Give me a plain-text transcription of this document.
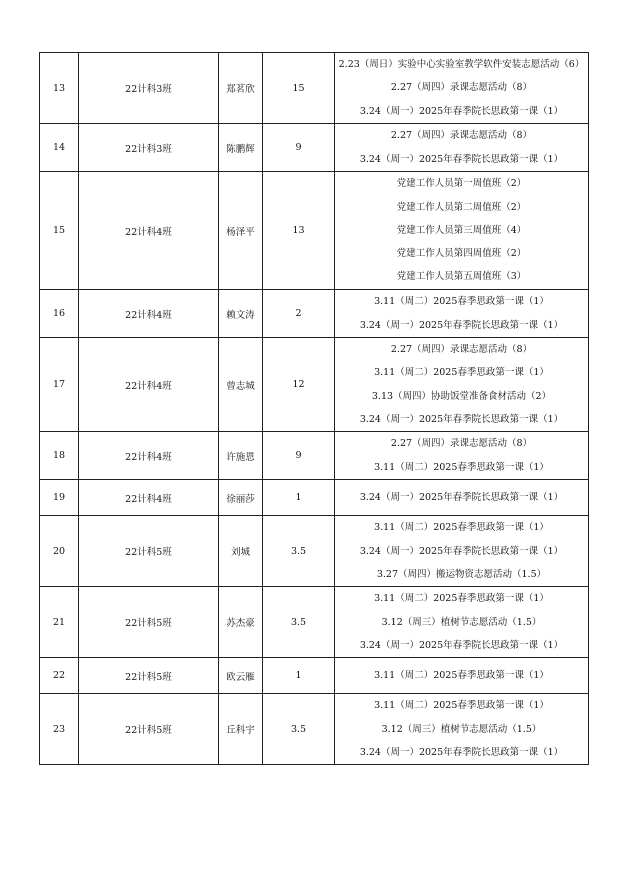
13	22计科3班	郑茗欣	15	2.23（周日）实验中心实验室教学软件安装志愿活动（6）
2.27（周四）录课志愿活动（8）
3.24（周一）2025年春季院长思政第一课（1）

14	22计科3班	陈鹏辉	9	2.27（周四）录课志愿活动（8）
3.24（周一）2025年春季院长思政第一课（1）

15	22计科4班	杨泽平	13	党建工作人员第一周值班（2）
党建工作人员第二周值班（2）
党建工作人员第三周值班（4）
党建工作人员第四周值班（2）
党建工作人员第五周值班（3）

16	22计科4班	赖文涛	2	3.11（周二）2025春季思政第一课（1）
3.24（周一）2025年春季院长思政第一课（1）

17	22计科4班	曾志城	12	2.27（周四）录课志愿活动（8）
3.11（周二）2025春季思政第一课（1）
3.13（周四）协助饭堂准备食材活动（2）
3.24（周一）2025年春季院长思政第一课（1）

18	22计科4班	许施恩	9	2.27（周四）录课志愿活动（8）
3.11（周二）2025春季思政第一课（1）

19	22计科4班	徐丽莎	1	3.24（周一）2025年春季院长思政第一课（1）

20	22计科5班	刘城	3.5	3.11（周二）2025春季思政第一课（1）
3.24（周一）2025年春季院长思政第一课（1）
3.27（周四）搬运物资志愿活动（1.5）

21	22计科5班	苏杰豪	3.5	3.11（周二）2025春季思政第一课（1）
3.12（周三）植树节志愿活动（1.5）
3.24（周一）2025年春季院长思政第一课（1）

22	22计科5班	欧云雁	1	3.11（周二）2025春季思政第一课（1）

23	22计科5班	丘科宇	3.5	3.11（周二）2025春季思政第一课（1）
3.12（周三）植树节志愿活动（1.5）
3.24（周一）2025年春季院长思政第一课（1）
